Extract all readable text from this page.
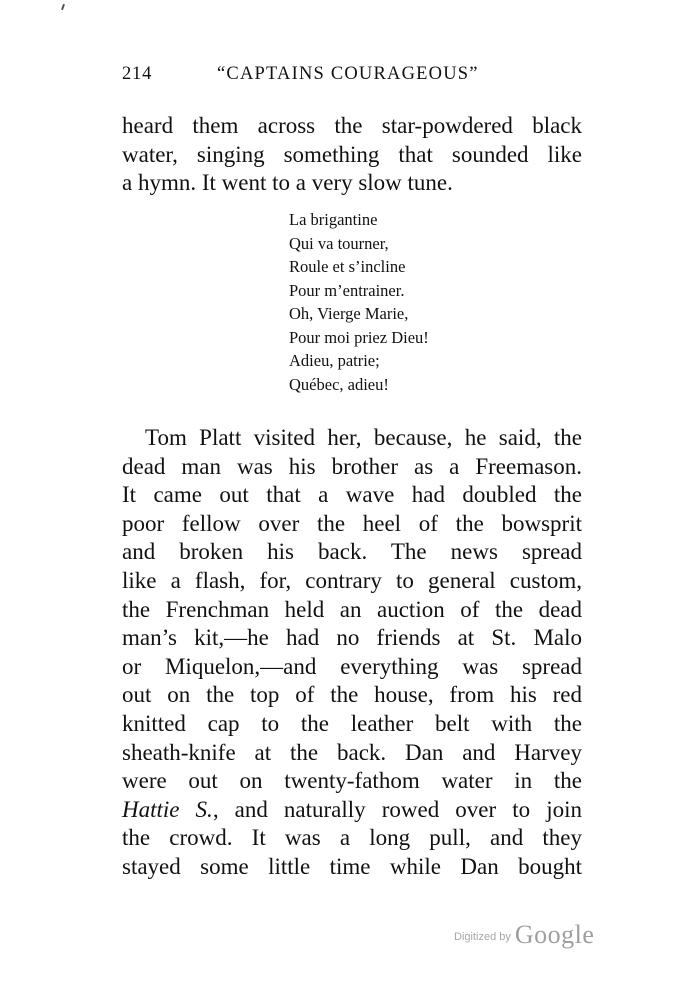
214	“CAPTAINS COURAGEOUS”
heard them across the star-powdered black
water, singing something that sounded like
a hymn. It went to a very slow tune.
La brigantine
Qui va tourner,
Roule et s’incline
Pour m’entrainer.
Oh, Vierge Marie,
Pour moi priez Dieu!
Adieu, patrie;
Québec, adieu!
Tom Platt visited her, because, he said, the
dead man was his brother as a Freemason.
It came out that a wave had doubled the
poor fellow over the heel of the bowsprit
and broken his back. The news spread
like a flash, for, contrary to general custom,
the Frenchman held an auction of the dead
man’s kit,—he had no friends at St. Malo
or Miquelon,—and everything was spread
out on the top of the house, from his red
knitted cap to the leather belt with the
sheath-knife at the back. Dan and Harvey
were out on twenty-fathom water in the
Hattie S., and naturally rowed over to join
the crowd. It was a long pull, and they
stayed some little time while Dan bought
Digitized by Google
